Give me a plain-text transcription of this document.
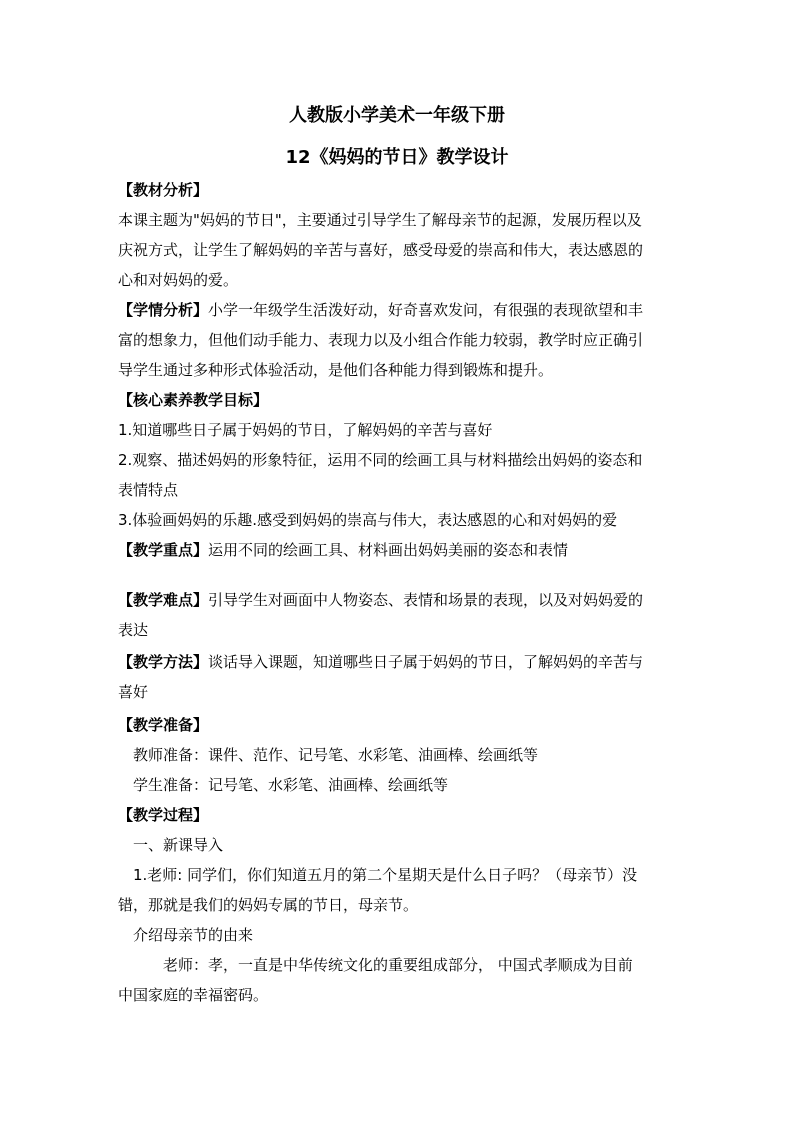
人教版小学美术一年级下册
12《妈妈的节日》教学设计
【教材分析】
本课主题为"妈妈的节日"，主要通过引导学生了解母亲节的起源，发展历程以及
庆祝方式，让学生了解妈妈的辛苦与喜好，感受母爱的崇高和伟大，表达感恩的
心和对妈妈的爱。
【学情分析】小学一年级学生活泼好动，好奇喜欢发问，有很强的表现欲望和丰
富的想象力，但他们动手能力、表现力以及小组合作能力较弱，教学时应正确引
导学生通过多种形式体验活动，是他们各种能力得到锻炼和提升。
【核心素养教学目标】
1.知道哪些日子属于妈妈的节日，了解妈妈的辛苦与喜好
2.观察、描述妈妈的形象特征，运用不同的绘画工具与材料描绘出妈妈的姿态和
表情特点
3.体验画妈妈的乐趣.感受到妈妈的崇高与伟大，表达感恩的心和对妈妈的爱
【教学重点】运用不同的绘画工具、材料画出妈妈美丽的姿态和表情
【教学难点】引导学生对画面中人物姿态、表情和场景的表现，以及对妈妈爱的
表达
【教学方法】谈话导入课题，知道哪些日子属于妈妈的节日，了解妈妈的辛苦与
喜好
【教学准备】
教师准备：课件、范作、记号笔、水彩笔、油画棒、绘画纸等
学生准备：记号笔、水彩笔、油画棒、绘画纸等
【教学过程】
一、新课导入
1.老师: 同学们，你们知道五月的第二个星期天是什么日子吗？（母亲节）没
错，那就是我们的妈妈专属的节日，母亲节。
介绍母亲节的由来
老师：孝，一直是中华传统文化的重要组成部分， 中国式孝顺成为目前
中国家庭的幸福密码。
